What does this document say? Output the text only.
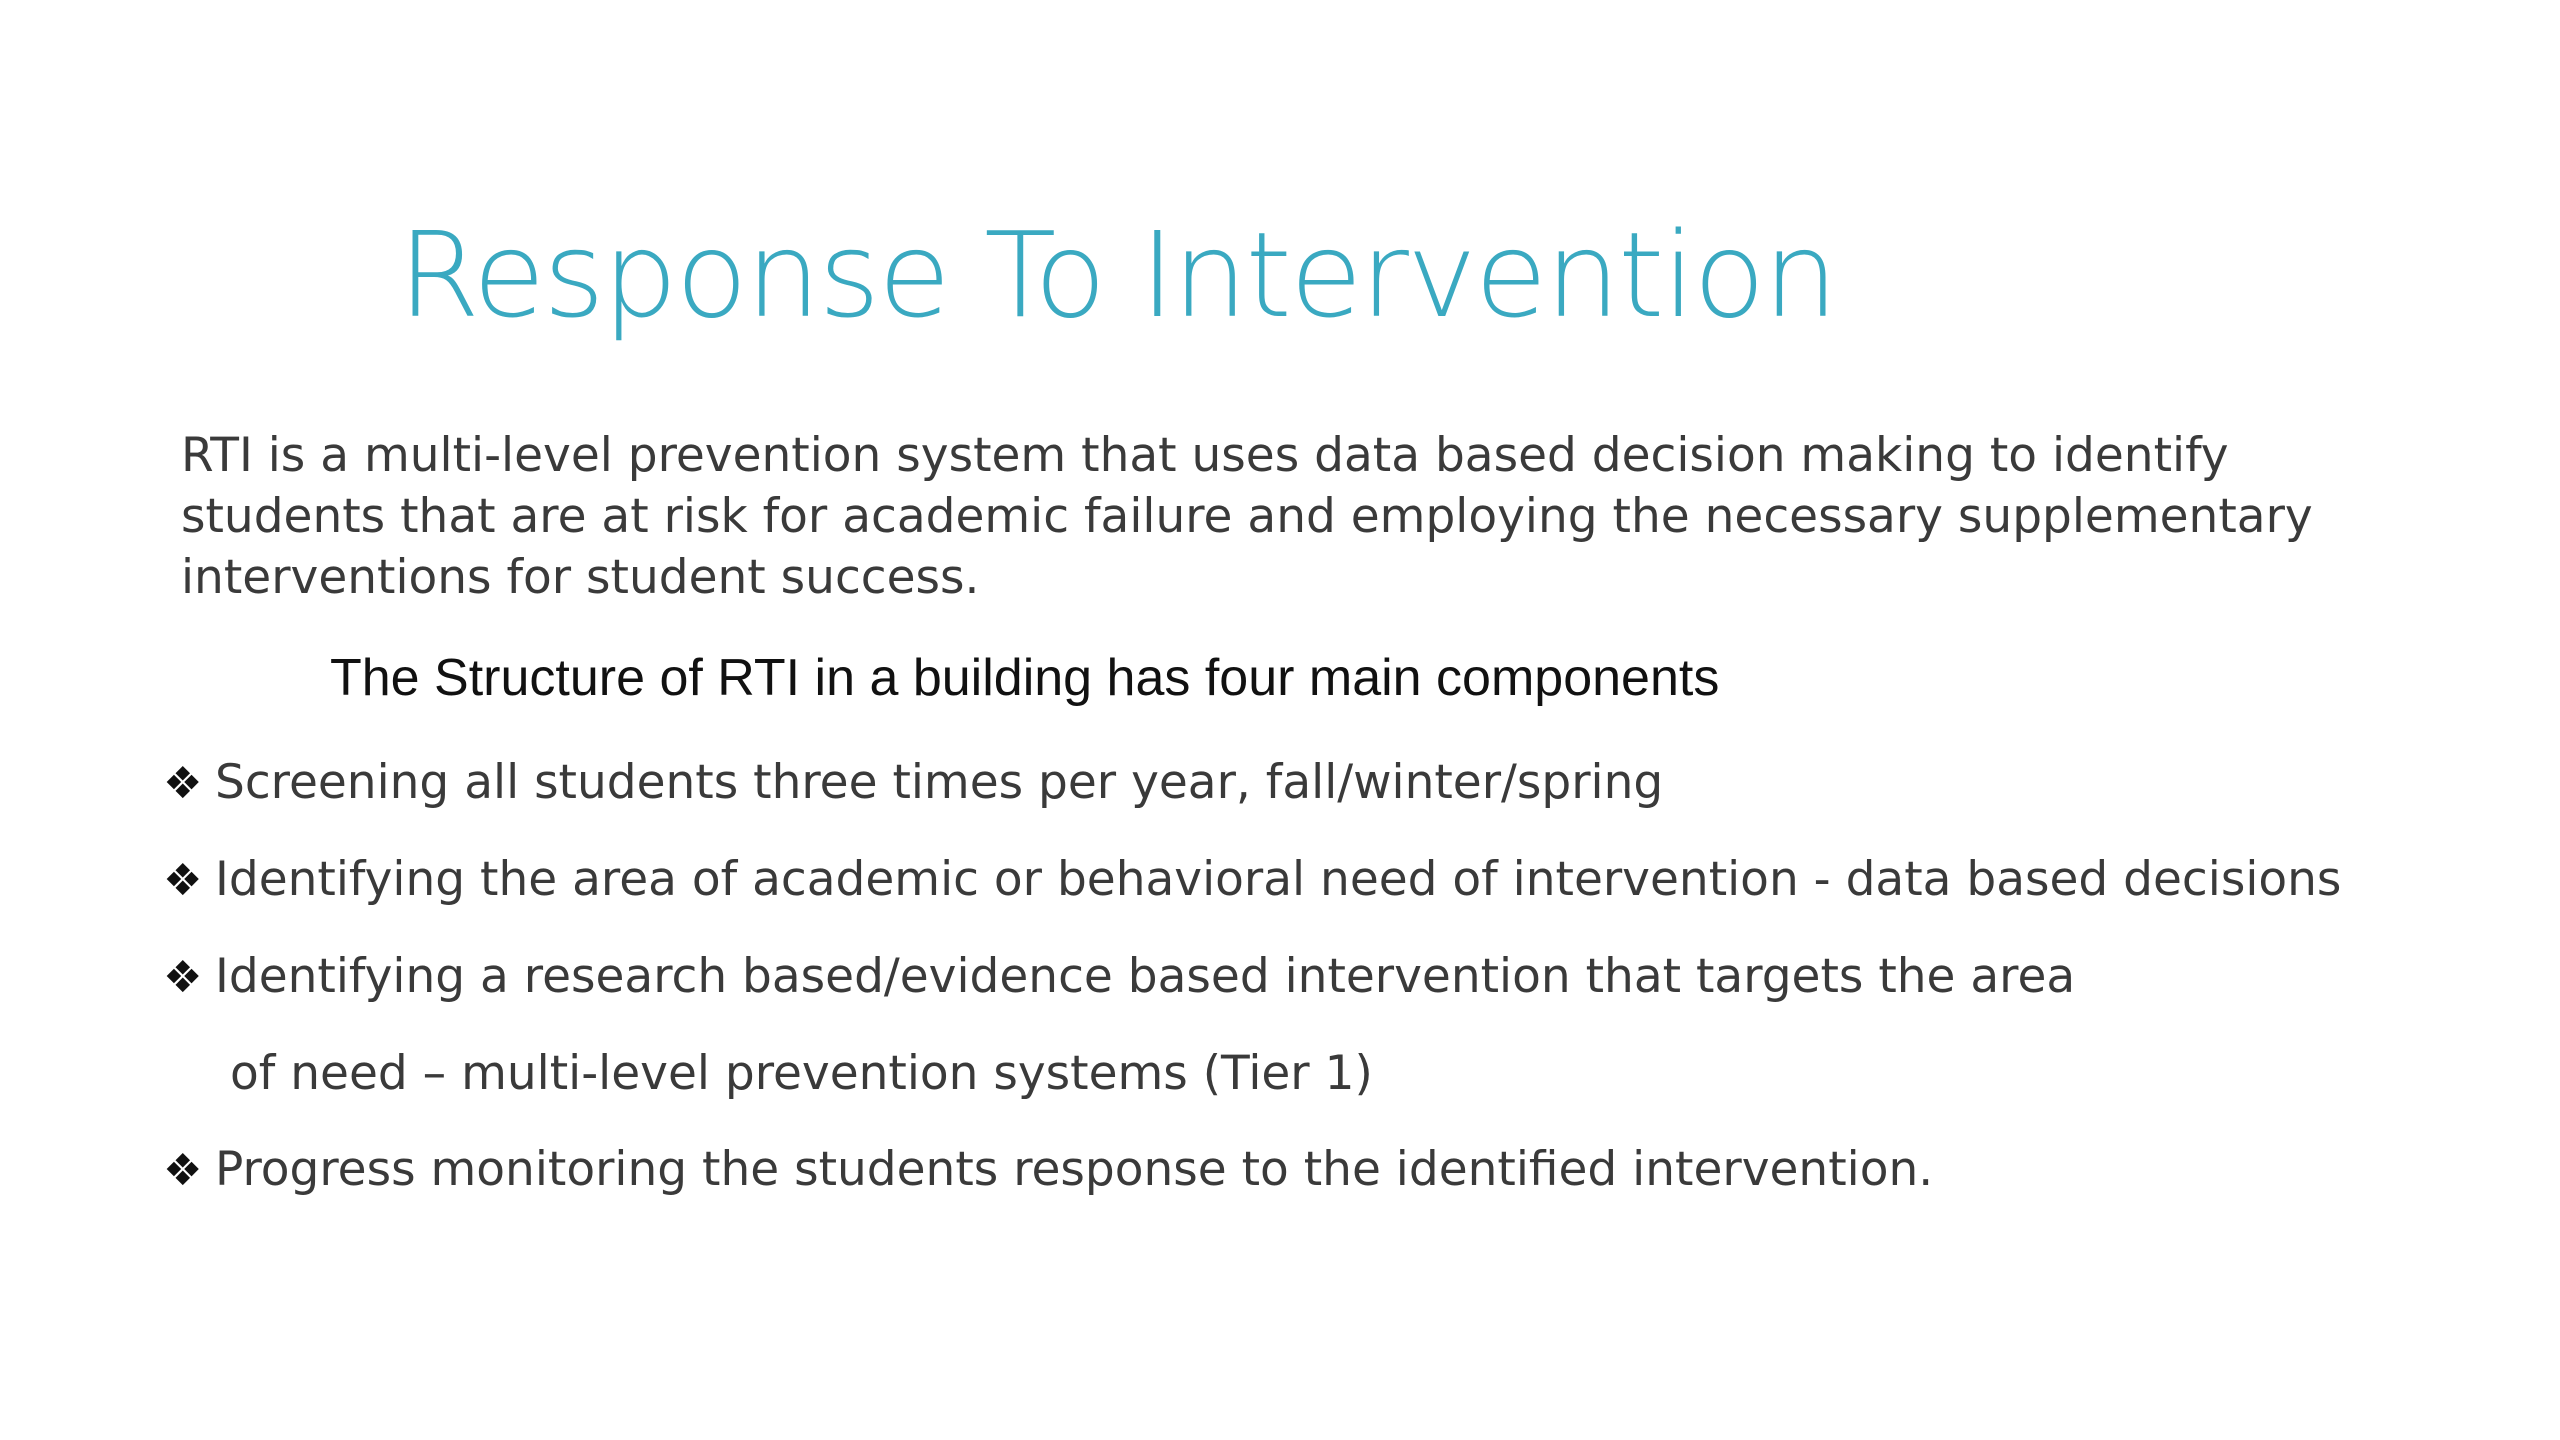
Response To Intervention
RTI is a multi-level prevention system that uses data based decision making to identify students that are at risk for academic failure and employing the necessary supplementary interventions for student success.
The Structure of RTI in a building has four main components
❖ Screening all students three times per year, fall/winter/spring
❖ Identifying the area of academic or behavioral need of intervention - data based decisions
❖ Identifying a research based/evidence based intervention that targets the area
of need – multi-level prevention systems (Tier 1)
❖ Progress monitoring the students response to the identified intervention.
